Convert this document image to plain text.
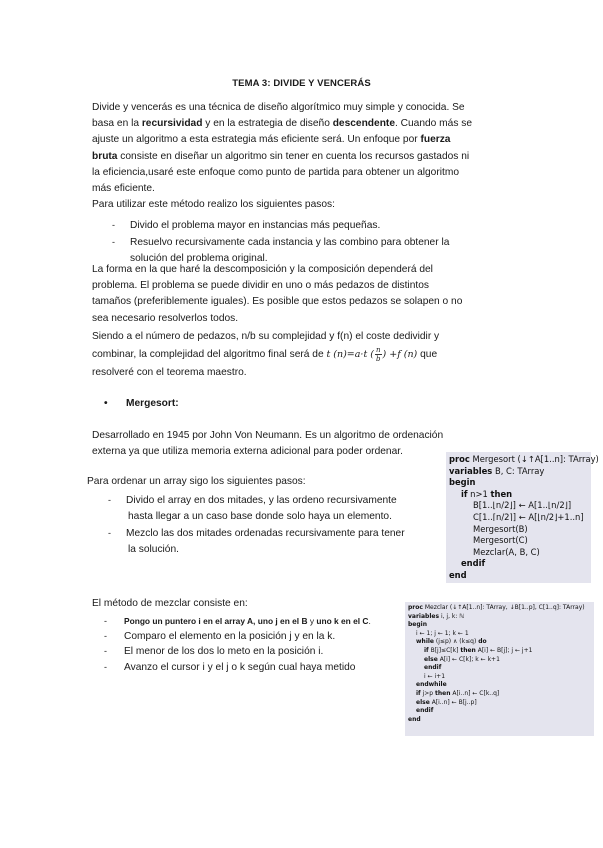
TEMA 3: DIVIDE Y VENCERÁS
Divide y vencerás es una técnica de diseño algorítmico muy simple y conocida. Se
basa en la recursividad y en la estrategia de diseño descendente. Cuando más se
ajuste un algoritmo a esta estrategia más eficiente será. Un enfoque por fuerza
bruta consiste en diseñar un algoritmo sin tener en cuenta los recursos gastados ni
la eficiencia,usaré este enfoque como punto de partida para obtener un algoritmo
más eficiente.
Para utilizar este método realizo los siguientes pasos:
- Divido el problema mayor en instancias más pequeñas.
- Resuelvo recursivamente cada instancia y las combino para obtener la
solución del problema original.
La forma en la que haré la descomposición y la composición dependerá del
problema. El problema se puede dividir en uno o más pedazos de distintos
tamaños (preferiblemente iguales). Es posible que estos pedazos se solapen o no
sea necesario resolverlos todos.
Siendo a el número de pedazos, n/b su complejidad y f(n) el coste dedividir y
combinar, la complejidad del algoritmo final será de t (n)=a·t ( $\frac{n}{b}$ ) +f (n) que
resolveré con el teorema maestro.
• Mergesort:
Desarrollado en 1945 por John Von Neumann. Es un algoritmo de ordenación
externa ya que utiliza memoria externa adicional para poder ordenar.
Para ordenar un array sigo los siguientes pasos:
- Divido el array en dos mitades, y las ordeno recursivamente
hasta llegar a un caso base donde solo haya un elemento.
- Mezclo las dos mitades ordenadas recursivamente para tener
la solución.
proc Mergesort (↓↑A[1..n]: TArray)
variables B, C: TArray
begin
if n>1 then
B[1..⌊n/2⌋] ← A[1..⌊n/2⌋]
C[1..⌈n/2⌉] ← A[⌊n/2⌋+1..n]
Mergesort(B)
Mergesort(C)
Mezclar(A, B, C)
endif
end
El método de mezclar consiste en:
- Pongo un puntero i en el array A, uno j en el B y uno k en el C.
- Comparo el elemento en la posición j y en la k.
- El menor de los dos lo meto en la posición i.
- Avanzo el cursor i y el j o k según cual haya metido
proc Mezclar (↓↑A[1..n]: TArray, ↓B[1..p], C[1..q]: TArray)
variables i, j, k: ℕ
begin
i ← 1; j ← 1; k ← 1
while (j≤p) ∧ (k≤q) do
if B[j]≤C[k] then A[i] ← B[j]; j ← j+1
else A[i] ← C[k]; k ← k+1
endif
i ← i+1
endwhile
if j>p then A[i..n] ← C[k..q]
else A[i..n] ← B[j..p]
endif
end
